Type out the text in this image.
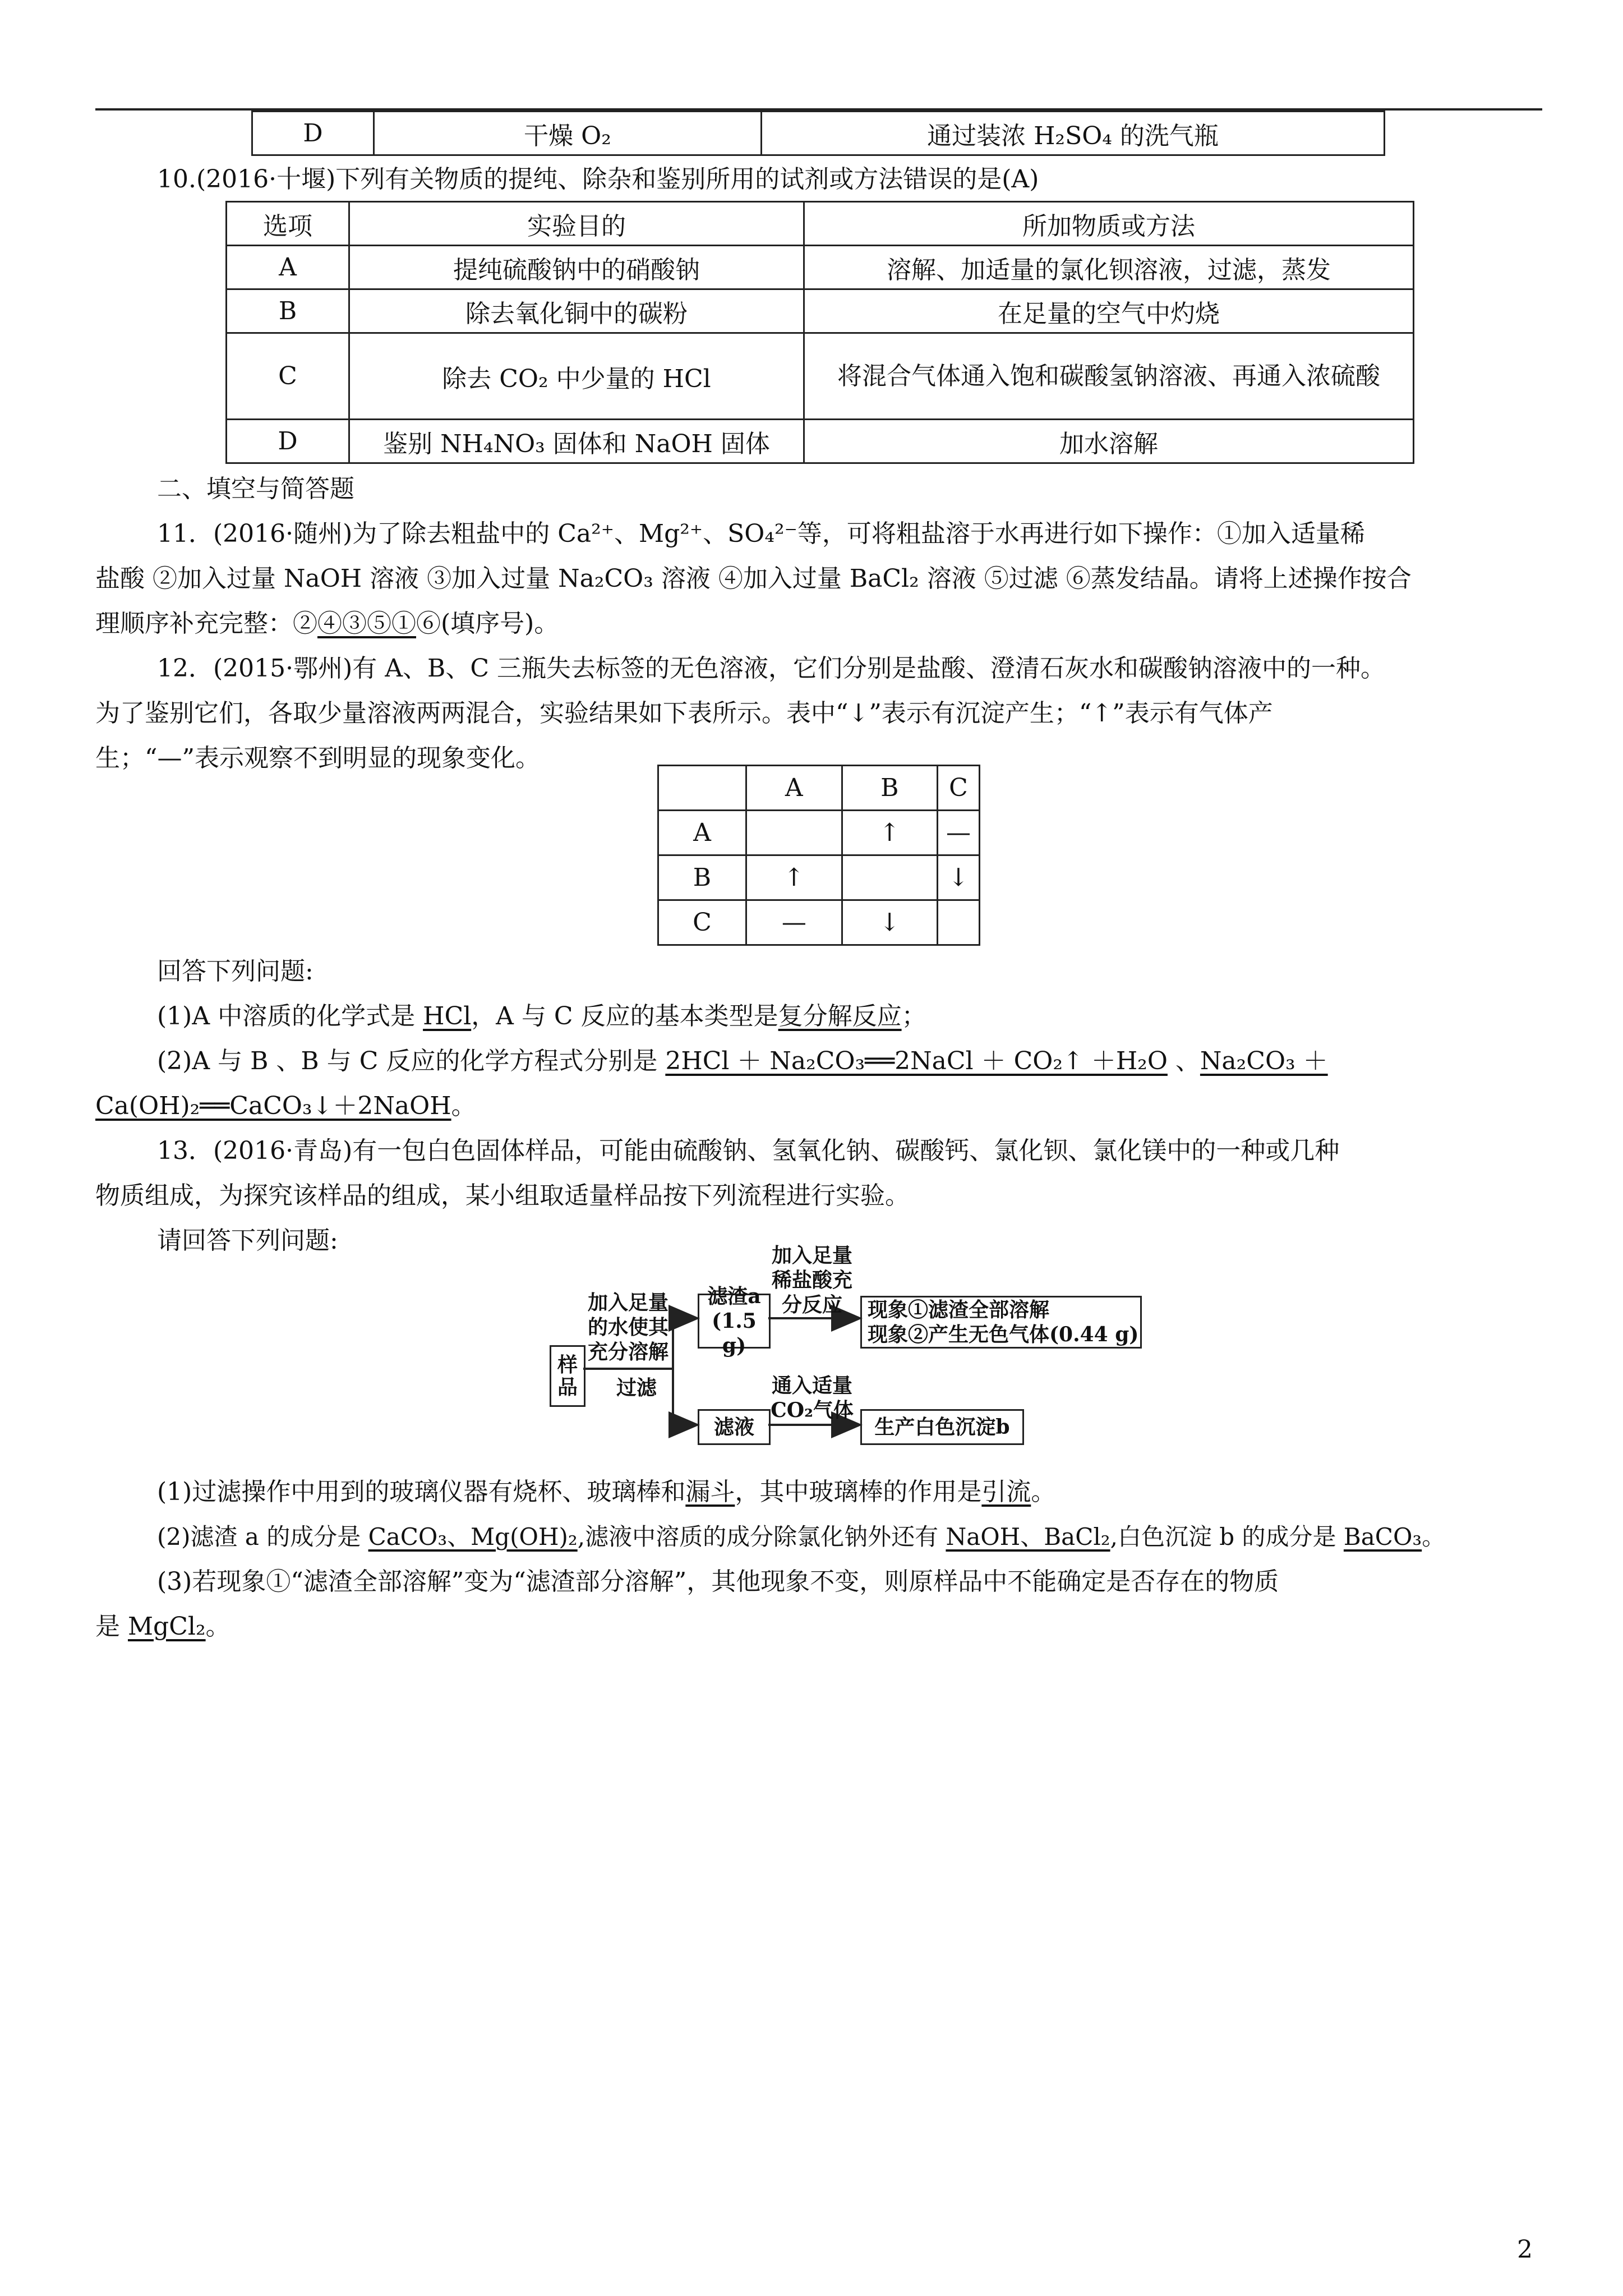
D	干燥 O₂	通过装浓 H₂SO₄ 的洗气瓶
10.(2016·十堰)下列有关物质的提纯、除杂和鉴别所用的试剂或方法错误的是(A)
选项	实验目的	所加物质或方法
A	提纯硫酸钠中的硝酸钠	溶解、加适量的氯化钡溶液，过滤，蒸发
B	除去氧化铜中的碳粉	在足量的空气中灼烧
C	除去 CO₂ 中少量的 HCl	将混合气体通入饱和碳酸氢钠溶液、再通入浓硫酸
D	鉴别 NH₄NO₃ 固体和 NaOH 固体	加水溶解
二、填空与简答题
11．(2016·随州)为了除去粗盐中的 Ca²⁺、Mg²⁺、SO₄²⁻等，可将粗盐溶于水再进行如下操作：①加入适量稀
盐酸 ②加入过量 NaOH 溶液 ③加入过量 Na₂CO₃ 溶液 ④加入过量 BaCl₂ 溶液 ⑤过滤 ⑥蒸发结晶。请将上述操作按合
理顺序补充完整：②④③⑤①⑥(填序号)。
12．(2015·鄂州)有 A、B、C 三瓶失去标签的无色溶液，它们分别是盐酸、澄清石灰水和碳酸钠溶液中的一种。
为了鉴别它们，各取少量溶液两两混合，实验结果如下表所示。表中“↓”表示有沉淀产生；“↑”表示有气体产
生；“—”表示观察不到明显的现象变化。
	A	B	C
A		↑	—
B	↑		↓
C	—	↓	
回答下列问题:
(1)A 中溶质的化学式是 HCl，A 与 C 反应的基本类型是复分解反应；
(2)A 与 B 、B 与 C 反应的化学方程式分别是 2HCl ＋ Na₂CO₃══2NaCl ＋ CO₂↑ ＋H₂O 、Na₂CO₃ ＋
Ca(OH)₂══CaCO₃↓＋2NaOH。
13．(2016·青岛)有一包白色固体样品，可能由硫酸钠、氢氧化钠、碳酸钙、氯化钡、氯化镁中的一种或几种
物质组成，为探究该样品的组成，某小组取适量样品按下列流程进行实验。
请回答下列问题:
样品
加入足量
的水使其
充分溶解
过滤
滤渣a
(1.5 g)
加入足量
稀盐酸充
分反应	现象①滤渣全部溶解
现象②产生无色气体(0.44 g)
滤液
通入适量
CO₂气体
生产白色沉淀b
(1)过滤操作中用到的玻璃仪器有烧杯、玻璃棒和漏斗，其中玻璃棒的作用是引流。
(2)滤渣 a 的成分是 CaCO₃、Mg(OH)₂,滤液中溶质的成分除氯化钠外还有 NaOH、BaCl₂,白色沉淀 b 的成分是 BaCO₃。
(3)若现象①“滤渣全部溶解”变为“滤渣部分溶解”，其他现象不变，则原样品中不能确定是否存在的物质
是 MgCl₂。
2
